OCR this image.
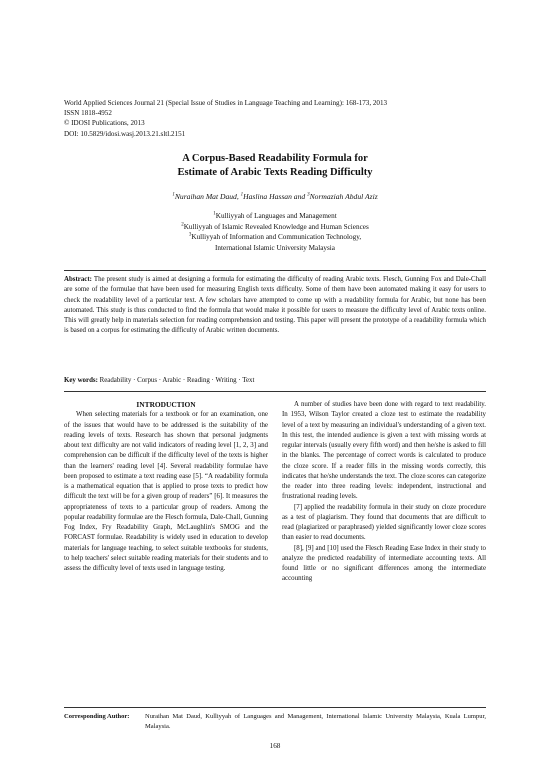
World Applied Sciences Journal 21 (Special Issue of Studies in Language Teaching and Learning): 168-173, 2013
ISSN 1818-4952
© IDOSI Publications, 2013
DOI: 10.5829/idosi.wasj.2013.21.sltl.2151
A Corpus-Based Readability Formula for
Estimate of Arabic Texts Reading Difficulty
$^1$Nuraihan Mat Daud, $^1$Haslina Hassan and $^3$Normaziah Abdul Aziz
$^1$Kulliyyah of Languages and Management
$^2$Kulliyyah of Islamic Revealed Knowledge and Human Sciences
$^3$Kulliyyah of Information and Communication Technology,
International Islamic University Malaysia
Abstract: The present study is aimed at designing a formula for estimating the difficulty of reading Arabic texts. Flesch, Gunning Fox and Dale-Chall are some of the formulae that have been used for measuring English texts difficulty. Some of them have been automated making it easy for users to check the readability level of a particular text. A few scholars have attempted to come up with a readability formula for Arabic, but none has been automated. This study is thus conducted to find the formula that would make it possible for users to measure the difficulty level of Arabic texts online. This will greatly help in materials selection for reading comprehension and testing. This paper will present the prototype of a readability formula which is based on a corpus for estimating the difficulty of Arabic written documents.
Key words: Readability · Corpus · Arabic · Reading · Writing · Text

INTRODUCTION

When selecting materials for a textbook or for an examination, one of the issues that would have to be addressed is the suitability of the reading levels of texts. Research has shown that personal judgments about text difficulty are not valid indicators of reading level [1, 2, 3] and comprehension can be difficult if the difficulty level of the texts is higher than the learners' reading level [4]. Several readability formulae have been proposed to estimate a text reading ease [5]. “A readability formula is a mathematical equation that is applied to prose texts to predict how difficult the text will be for a given group of readers” [6]. It measures the appropriateness of texts to a particular group of readers. Among the popular readability formulae are the Flesch formula, Dale-Chall, Gunning Fog Index, Fry Readability Graph, McLaughlin's SMOG and the FORCAST formulae. Readability is widely used in education to develop materials for language teaching, to select suitable textbooks for students, to help teachers' select suitable reading materials for their students and to assess the difficulty level of texts used in language testing.

A number of studies have been done with regard to text readability. In 1953, Wilson Taylor created a cloze test to estimate the readability level of a text by measuring an individual's understanding of a given text. In this test, the intended audience is given a text with missing words at regular intervals (usually every fifth word) and then he/she is asked to fill in the blanks. The percentage of correct words is calculated to produce the cloze score. If a reader fills in the missing words correctly, this indicates that he/she understands the text. The cloze scores can categorize the reader into three reading levels: independent, instructional and frustrational reading levels.

[7] applied the readability formula in their study on cloze procedure as a test of plagiarism. They found that documents that are difficult to read (plagiarized or paraphrased) yielded significantly lower cloze scores than easier to read documents.

[8], [9] and [10] used the Flesch Reading Ease Index in their study to analyze the predicted readability of intermediate accounting texts. All found little or no significant differences among the intermediate accounting

Corresponding Author: Nuraihan Mat Daud, Kulliyyah of Languages and Management, International Islamic University Malaysia, Kuala Lumpur, Malaysia.
168
